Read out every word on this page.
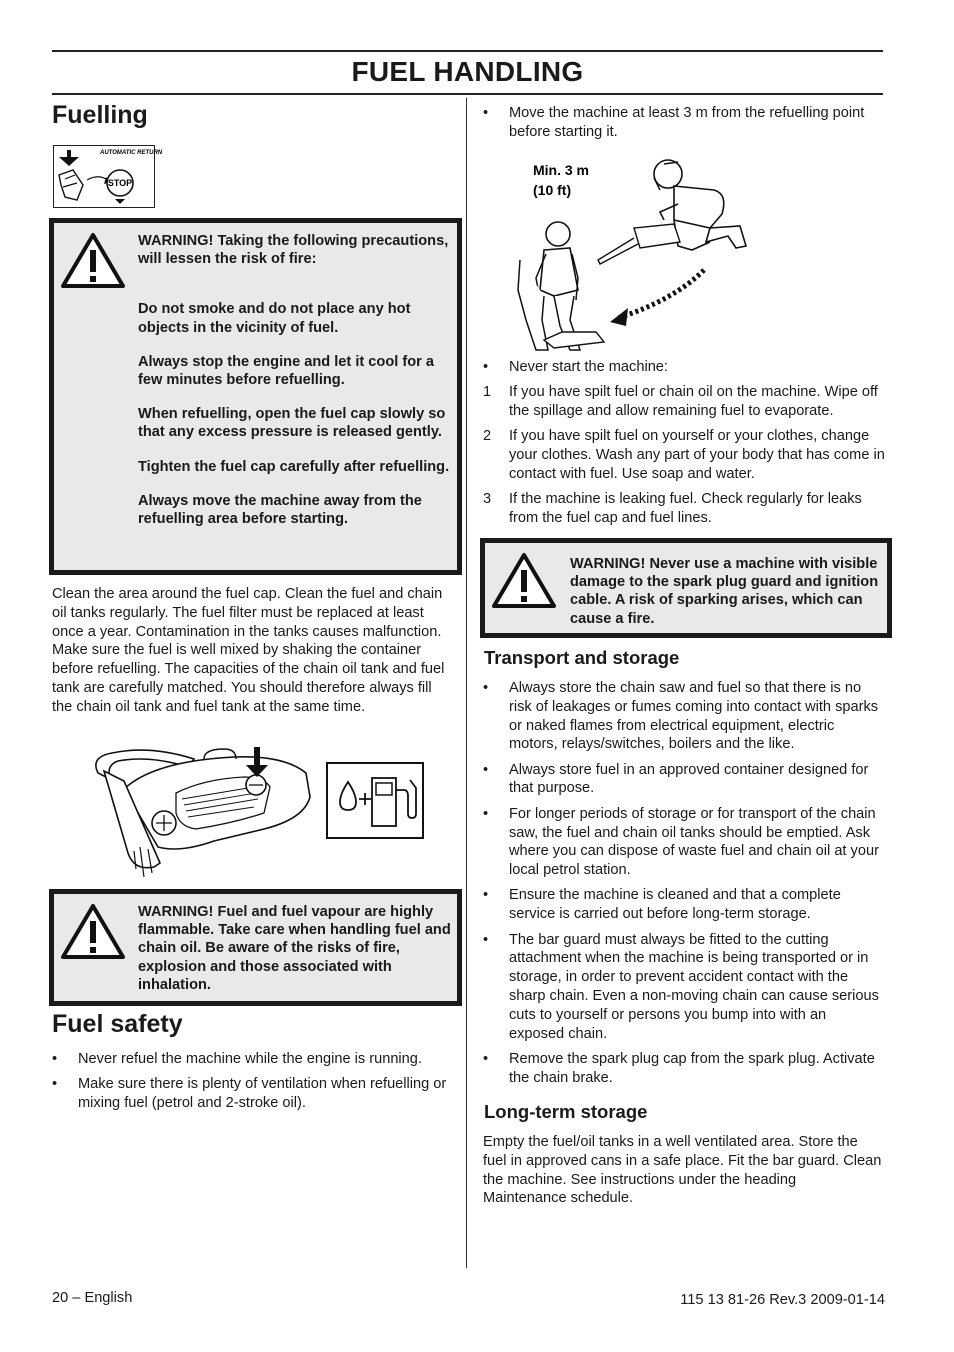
FUEL HANDLING
Fuelling
AUTOMATIC RETURN
STOP

WARNING! Taking the following precautions, will lessen the risk of fire:

Do not smoke and do not place any hot objects in the vicinity of fuel.

Always stop the engine and let it cool for a few minutes before refuelling.

When refuelling, open the fuel cap slowly so that any excess pressure is released gently.

Tighten the fuel cap carefully after refuelling.

Always move the machine away from the refuelling area before starting.

Clean the area around the fuel cap. Clean the fuel and chain oil tanks regularly. The fuel filter must be replaced at least once a year. Contamination in the tanks causes malfunction. Make sure the fuel is well mixed by shaking the container before refuelling. The capacities of the chain oil tank and fuel tank are carefully matched. You should therefore always fill the chain oil tank and fuel tank at the same time.

WARNING! Fuel and fuel vapour are highly flammable. Take care when handling fuel and chain oil. Be aware of the risks of fire, explosion and those associated with inhalation.
Fuel safety
• Never refuel the machine while the engine is running.
• Make sure there is plenty of ventilation when refuelling or mixing fuel (petrol and 2-stroke oil).
• Move the machine at least 3 m from the refuelling point before starting it.
Min. 3 m
(10 ft)
• Never start the machine:
1 If you have spilt fuel or chain oil on the machine. Wipe off the spillage and allow remaining fuel to evaporate.
2 If you have spilt fuel on yourself or your clothes, change your clothes. Wash any part of your body that has come in contact with fuel. Use soap and water.
3 If the machine is leaking fuel. Check regularly for leaks from the fuel cap and fuel lines.
WARNING! Never use a machine with visible damage to the spark plug guard and ignition cable. A risk of sparking arises, which can cause a fire.
Transport and storage
• Always store the chain saw and fuel so that there is no risk of leakages or fumes coming into contact with sparks or naked flames from electrical equipment, electric motors, relays/switches, boilers and the like.
• Always store fuel in an approved container designed for that purpose.
• For longer periods of storage or for transport of the chain saw, the fuel and chain oil tanks should be emptied. Ask where you can dispose of waste fuel and chain oil at your local petrol station.
• Ensure the machine is cleaned and that a complete service is carried out before long-term storage.
• The bar guard must always be fitted to the cutting attachment when the machine is being transported or in storage, in order to prevent accident contact with the sharp chain. Even a non-moving chain can cause serious cuts to yourself or persons you bump into with an exposed chain.
• Remove the spark plug cap from the spark plug. Activate the chain brake.
Long-term storage

Empty the fuel/oil tanks in a well ventilated area. Store the fuel in approved cans in a safe place. Fit the bar guard. Clean the machine. See instructions under the heading Maintenance schedule.

20 – English	115 13 81-26 Rev.3 2009-01-14
